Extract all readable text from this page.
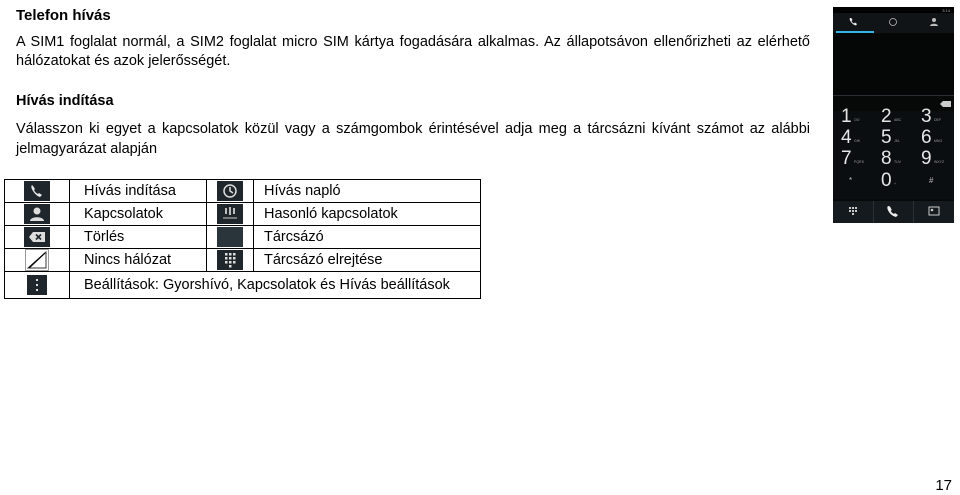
Telefon hívás
A SIM1 foglalat normál, a SIM2 foglalat micro SIM kártya fogadására alkalmas. Az állapotsávon ellenőrizheti az elérhető hálózatokat és azok jelerősségét.
Hívás indítása
Válasszon ki egyet a kapcsolatok közül vagy a számgombok érintésével adja meg a tárcsázni kívánt számot az alábbi jelmagyarázat alapján
	Hívás indítása		Hívás napló

	Kapcsolatok		Hasonló kapcsolatok

	Törlés		Tárcsázó

	Nincs hálózat		Tárcsázó elrejtése

	Beállítások: Gyorshívó, Kapcsolatok és Hívás beállítások		
3:14
1 OO 2 ABC 3 DEF
4 GHI 5 JKL 6 MNO
7 PQRS 8 TUV 9 WXYZ
* 0 +	#
17
